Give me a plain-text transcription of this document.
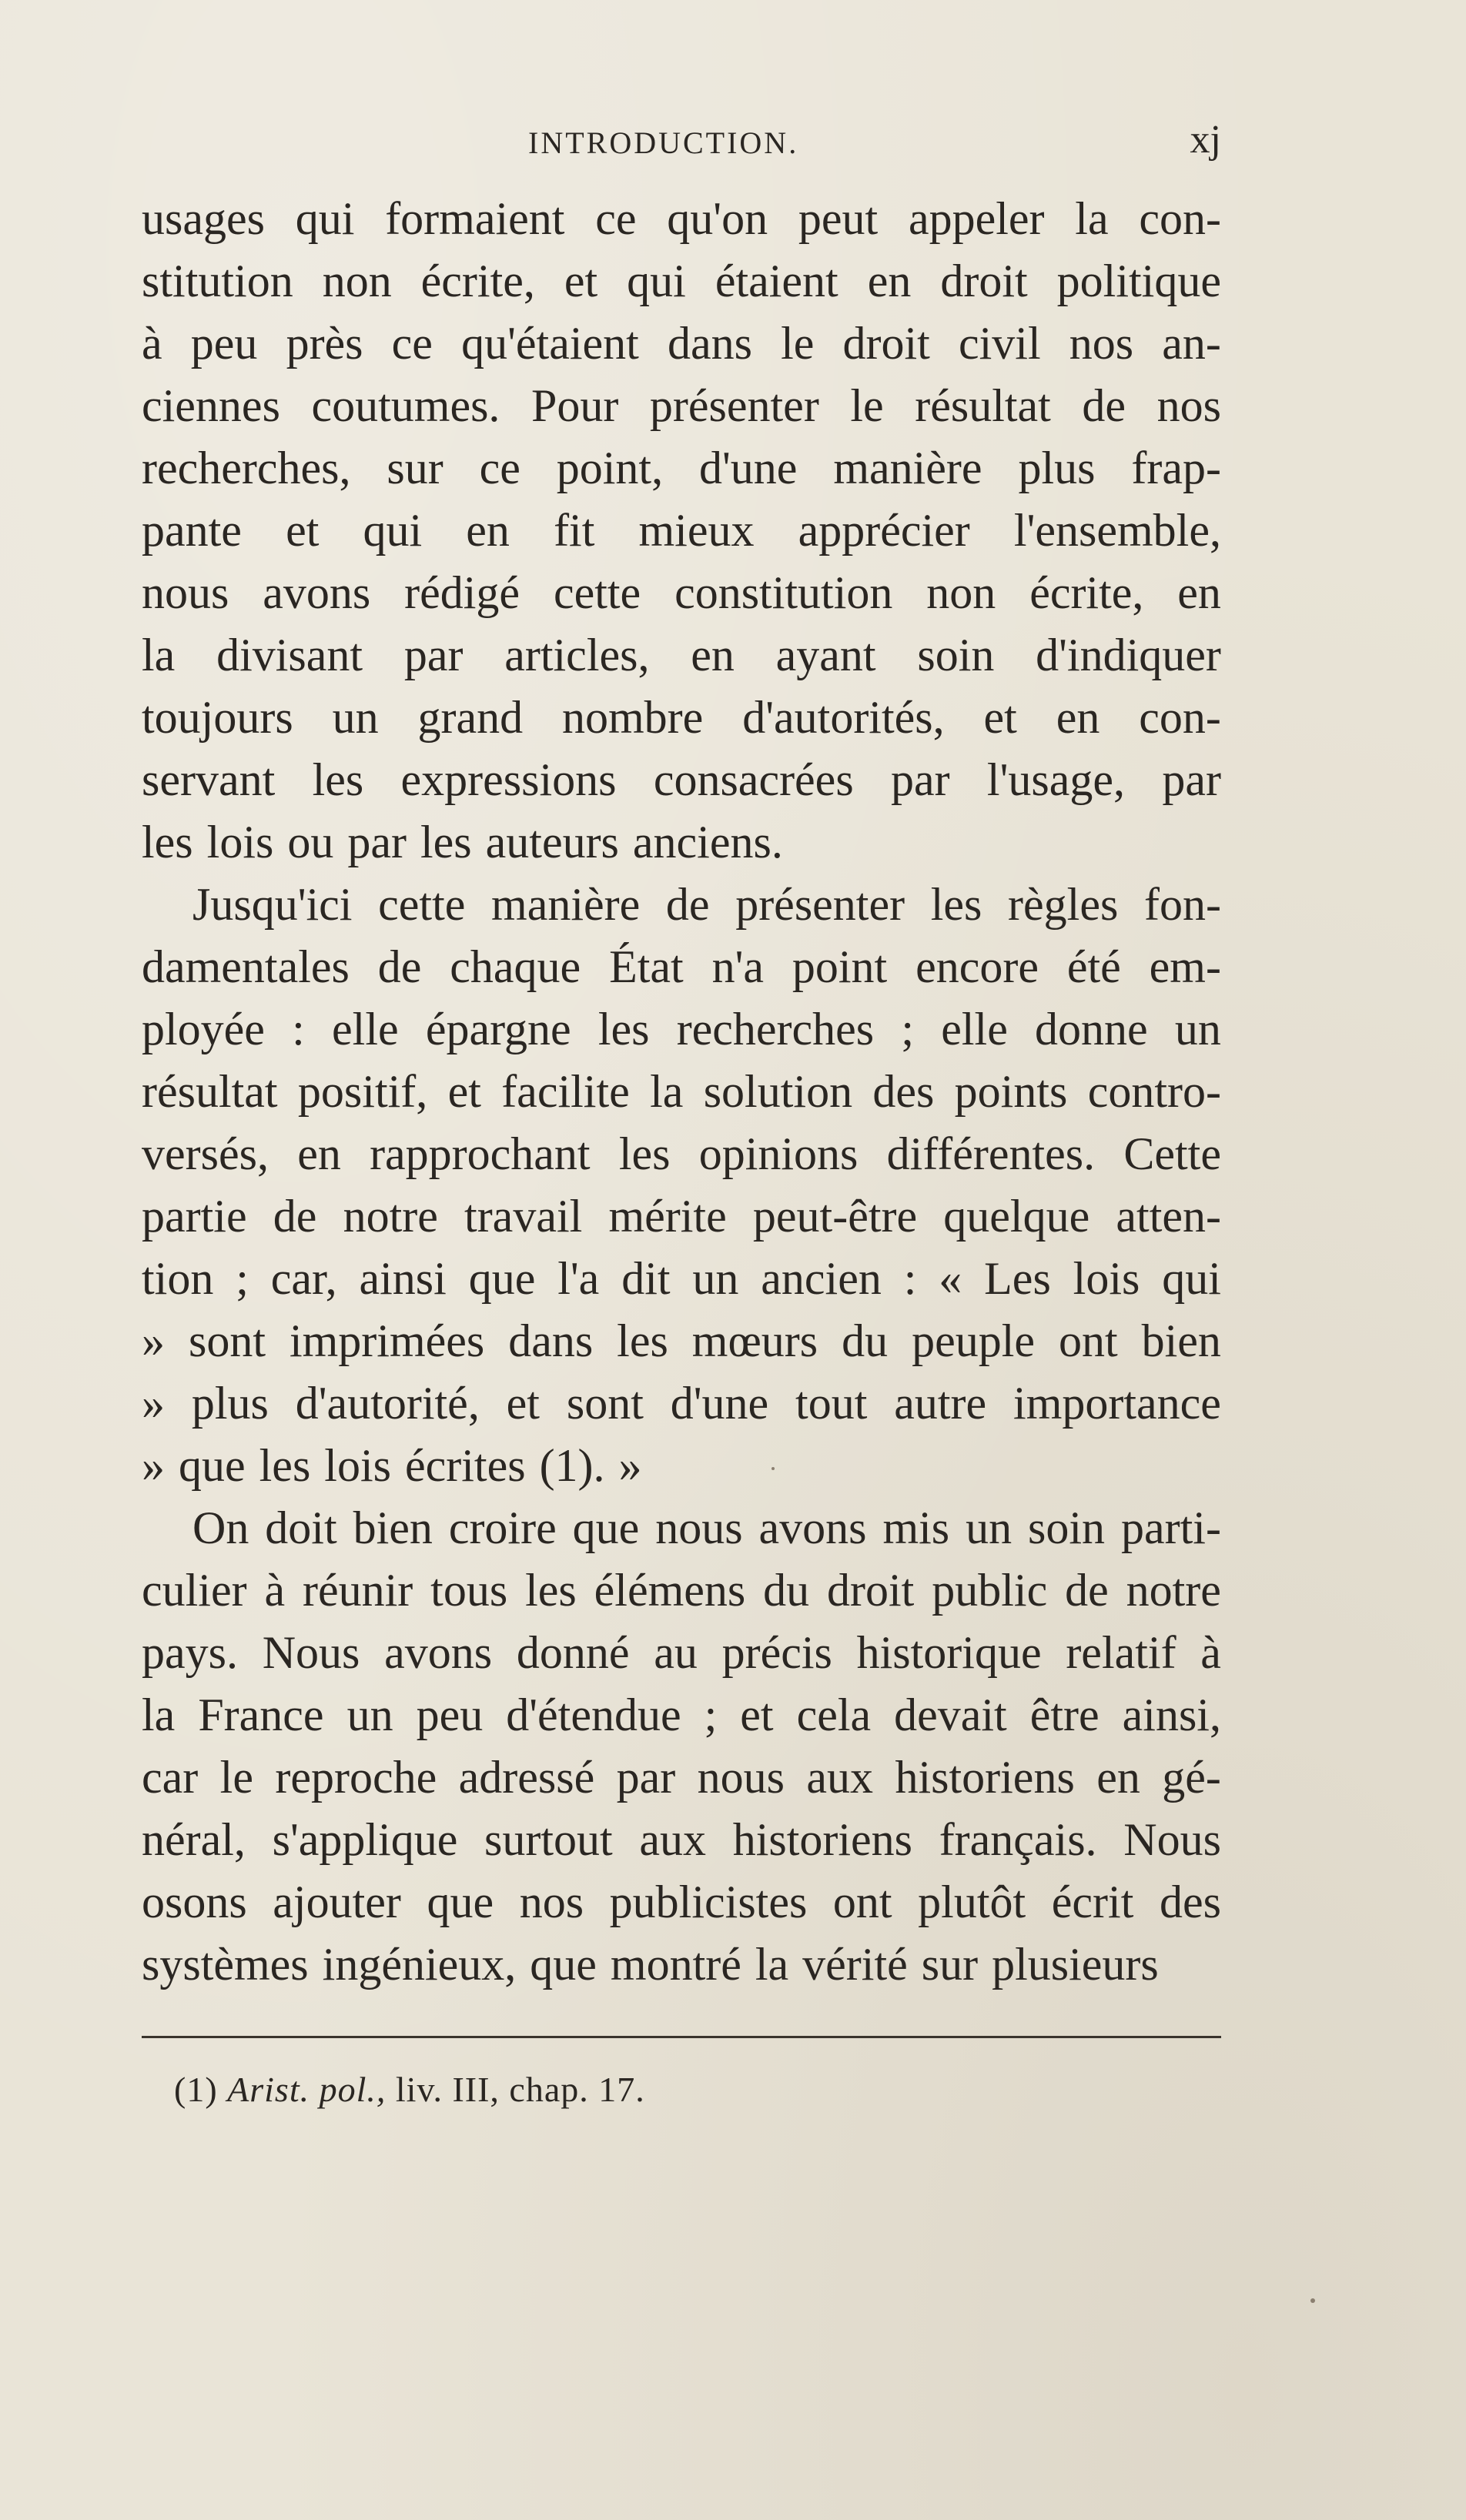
INTRODUCTION.	xj
usages qui formaient ce qu'on peut appeler la con-
stitution non écrite, et qui étaient en droit politique
à peu près ce qu'étaient dans le droit civil nos an-
ciennes coutumes. Pour présenter le résultat de nos
recherches, sur ce point, d'une manière plus frap-
pante et qui en fit mieux apprécier l'ensemble,
nous avons rédigé cette constitution non écrite, en
la divisant par articles, en ayant soin d'indiquer
toujours un grand nombre d'autorités, et en con-
servant les expressions consacrées par l'usage, par
les lois ou par les auteurs anciens.
Jusqu'ici cette manière de présenter les règles fon-
damentales de chaque État n'a point encore été em-
ployée : elle épargne les recherches ; elle donne un
résultat positif, et facilite la solution des points contro-
versés, en rapprochant les opinions différentes. Cette
partie de notre travail mérite peut-être quelque atten-
tion ; car, ainsi que l'a dit un ancien : « Les lois qui
» sont imprimées dans les mœurs du peuple ont bien
» plus d'autorité, et sont d'une tout autre importance
» que les lois écrites (1). »
On doit bien croire que nous avons mis un soin parti-
culier à réunir tous les élémens du droit public de notre
pays. Nous avons donné au précis historique relatif à
la France un peu d'étendue ; et cela devait être ainsi,
car le reproche adressé par nous aux historiens en gé-
néral, s'applique surtout aux historiens français. Nous
osons ajouter que nos publicistes ont plutôt écrit des
systèmes ingénieux, que montré la vérité sur plusieurs
(1) Arist. pol., liv. III, chap. 17.
